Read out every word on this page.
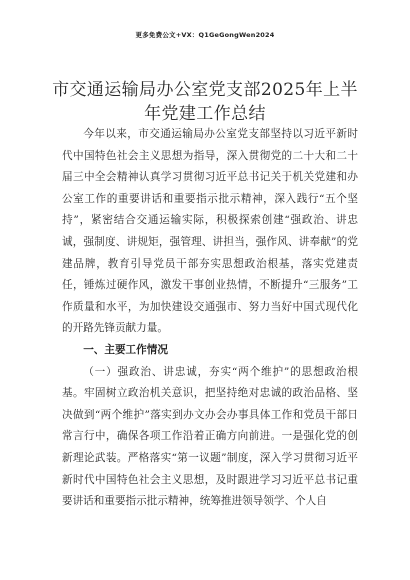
更多免费公文+VX：Q1GeGongWen2024
市交通运输局办公室党支部2025年上半年党建工作总结

今年以来，市交通运输局办公室党支部坚持以习近平新时代中国特色社会主义思想为指导，深入贯彻党的二十大和二十届三中全会精神认真学习贯彻习近平总书记关于机关党建和办公室工作的重要讲话和重要指示批示精神，深入践行“五个坚持”，紧密结合交通运输实际，积极探索创建“强政治、讲忠诚，强制度、讲规矩，强管理、讲担当，强作风、讲奉献”的党建品牌，教育引导党员干部夯实思想政治根基，落实党建责任，锤炼过硬作风，激发干事创业热情，不断提升“三服务”工作质量和水平，为加快建设交通强市、努力当好中国式现代化的开路先锋贡献力量。

一、主要工作情况

（一）强政治、讲忠诚，夯实“两个维护”的思想政治根基。牢固树立政治机关意识，把坚持绝对忠诚的政治品格、坚决做到“两个维护”落实到办文办会办事具体工作和党员干部日常言行中，确保各项工作沿着正确方向前进。一是强化党的创新理论武装。严格落实“第一议题”制度，深入学习贯彻习近平新时代中国特色社会主义思想，及时跟进学习习近平总书记重要讲话和重要指示批示精神，统筹推进领导领学、个人自
